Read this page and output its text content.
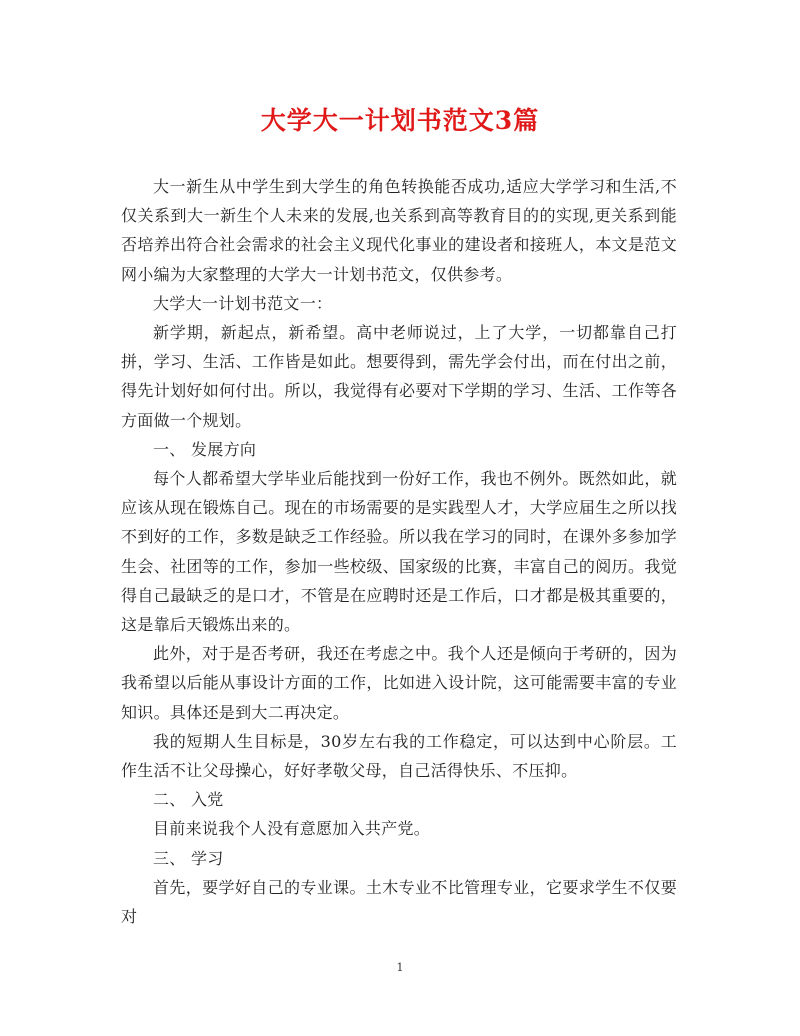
大学大一计划书范文3篇

大一新生从中学生到大学生的角色转换能否成功,适应大学学习和生活,不仅关系到大一新生个人未来的发展,也关系到高等教育目的的实现,更关系到能否培养出符合社会需求的社会主义现代化事业的建设者和接班人，本文是范文网小编为大家整理的大学大一计划书范文，仅供参考。

大学大一计划书范文一：

新学期，新起点，新希望。高中老师说过，上了大学，一切都靠自己打拼，学习、生活、工作皆是如此。想要得到，需先学会付出，而在付出之前，得先计划好如何付出。所以，我觉得有必要对下学期的学习、生活、工作等各方面做一个规划。

一、 发展方向

每个人都希望大学毕业后能找到一份好工作，我也不例外。既然如此，就应该从现在锻炼自己。现在的市场需要的是实践型人才，大学应届生之所以找不到好的工作，多数是缺乏工作经验。所以我在学习的同时，在课外多参加学生会、社团等的工作，参加一些校级、国家级的比赛，丰富自己的阅历。我觉得自己最缺乏的是口才，不管是在应聘时还是工作后，口才都是极其重要的，这是靠后天锻炼出来的。

此外，对于是否考研，我还在考虑之中。我个人还是倾向于考研的，因为我希望以后能从事设计方面的工作，比如进入设计院，这可能需要丰富的专业知识。具体还是到大二再决定。

我的短期人生目标是，30岁左右我的工作稳定，可以达到中心阶层。工作生活不让父母操心，好好孝敬父母，自己活得快乐、不压抑。

二、 入党

目前来说我个人没有意愿加入共产党。

三、 学习

首先，要学好自己的专业课。土木专业不比管理专业，它要求学生不仅要对

1
